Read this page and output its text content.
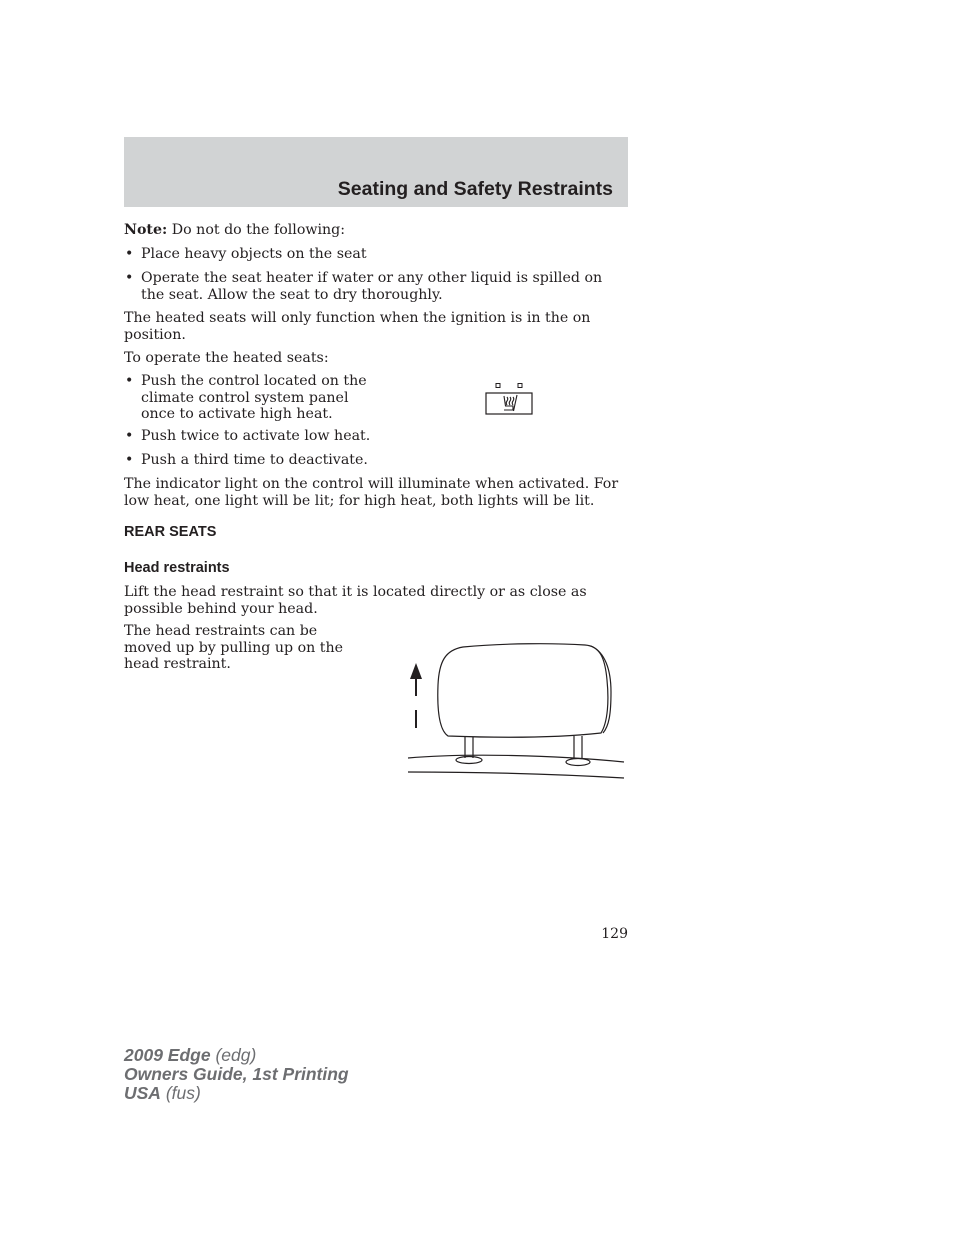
Seating and Safety Restraints

Note: Do not do the following:

• Place heavy objects on the seat
• Operate the seat heater if water or any other liquid is spilled on the seat. Allow the seat to dry thoroughly.

The heated seats will only function when the ignition is in the on position.

To operate the heated seats:

• Push the control located on the climate control system panel once to activate high heat.
• Push twice to activate low heat.
• Push a third time to deactivate.

The indicator light on the control will illuminate when activated. For low heat, one light will be lit; for high heat, both lights will be lit.

REAR SEATS

Head restraints

Lift the head restraint so that it is located directly or as close as possible behind your head.

The head restraints can be moved up by pulling up on the head restraint.

129

2009 Edge (edg)
Owners Guide, 1st Printing
USA (fus)
